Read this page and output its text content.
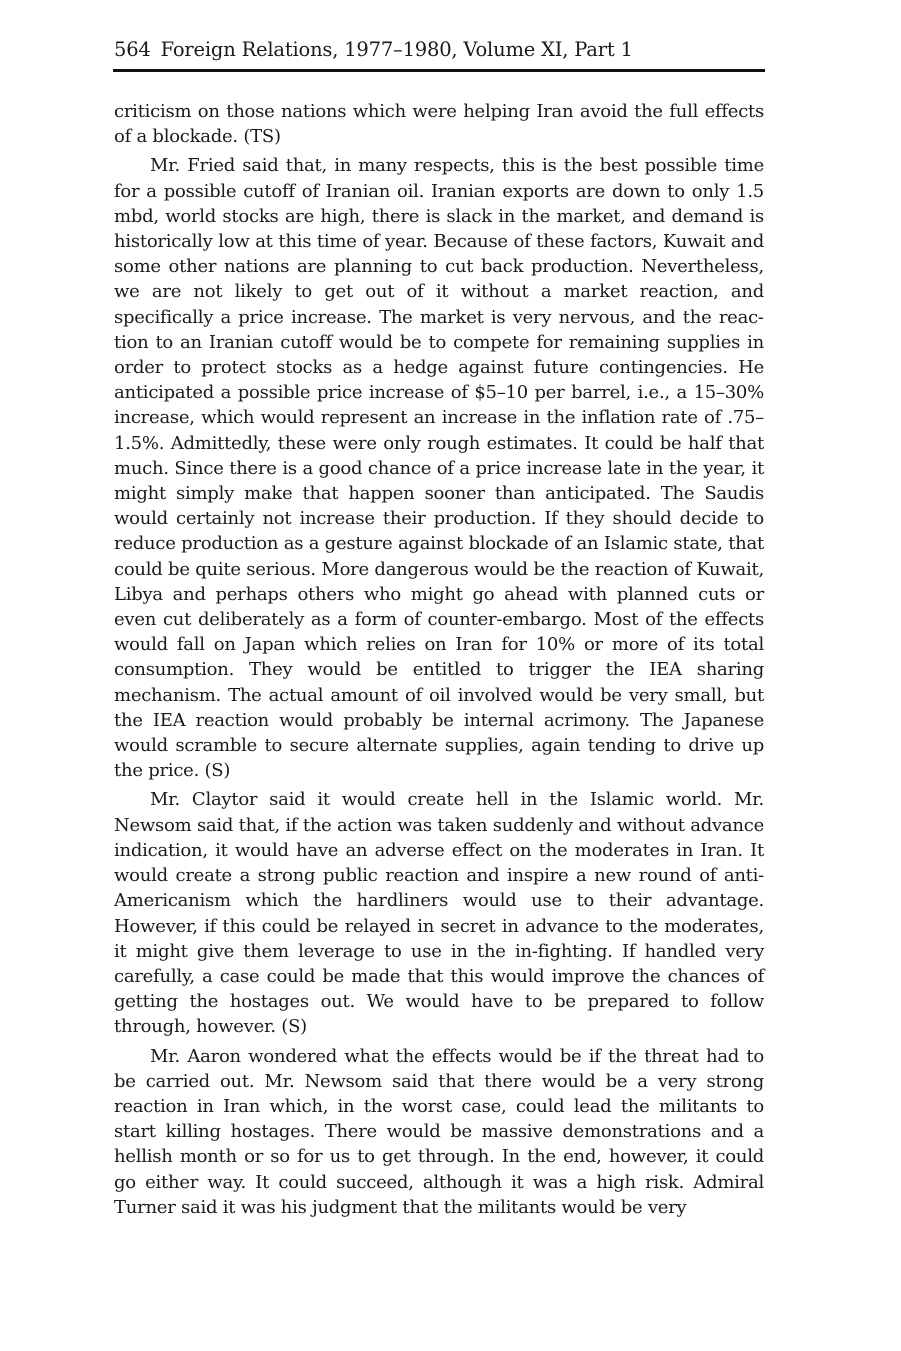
564 Foreign Relations, 1977–1980, Volume XI, Part 1

criticism on those nations which were helping Iran avoid the full effects of a blockade. (TS)

Mr. Fried said that, in many respects, this is the best possible time for a possible cutoff of Iranian oil. Iranian exports are down to only 1.5 mbd, world stocks are high, there is slack in the market, and demand is historically low at this time of year. Because of these factors, Kuwait and some other nations are planning to cut back production. Nevertheless, we are not likely to get out of it without a market reaction, and specifically a price increase. The market is very nervous, and the reaction to an Iranian cutoff would be to compete for remaining supplies in order to protect stocks as a hedge against future contingencies. He anticipated a possible price increase of $5–10 per barrel, i.e., a 15–30% increase, which would represent an increase in the inflation rate of .75–1.5%. Admittedly, these were only rough estimates. It could be half that much. Since there is a good chance of a price increase late in the year, it might simply make that happen sooner than anticipated. The Saudis would certainly not increase their production. If they should decide to reduce production as a gesture against blockade of an Islamic state, that could be quite serious. More dangerous would be the reaction of Kuwait, Libya and perhaps others who might go ahead with planned cuts or even cut deliberately as a form of counter-embargo. Most of the effects would fall on Japan which relies on Iran for 10% or more of its total consumption. They would be entitled to trigger the IEA sharing mechanism. The actual amount of oil involved would be very small, but the IEA reaction would probably be internal acrimony. The Japanese would scramble to secure alternate supplies, again tending to drive up the price. (S)

Mr. Claytor said it would create hell in the Islamic world. Mr. Newsom said that, if the action was taken suddenly and without advance indication, it would have an adverse effect on the moderates in Iran. It would create a strong public reaction and inspire a new round of anti-Americanism which the hardliners would use to their advantage. However, if this could be relayed in secret in advance to the moderates, it might give them leverage to use in the in-fighting. If handled very carefully, a case could be made that this would improve the chances of getting the hostages out. We would have to be prepared to follow through, however. (S)

Mr. Aaron wondered what the effects would be if the threat had to be carried out. Mr. Newsom said that there would be a very strong reaction in Iran which, in the worst case, could lead the militants to start killing hostages. There would be massive demonstrations and a hellish month or so for us to get through. In the end, however, it could go either way. It could succeed, although it was a high risk. Admiral Turner said it was his judgment that the militants would be very
